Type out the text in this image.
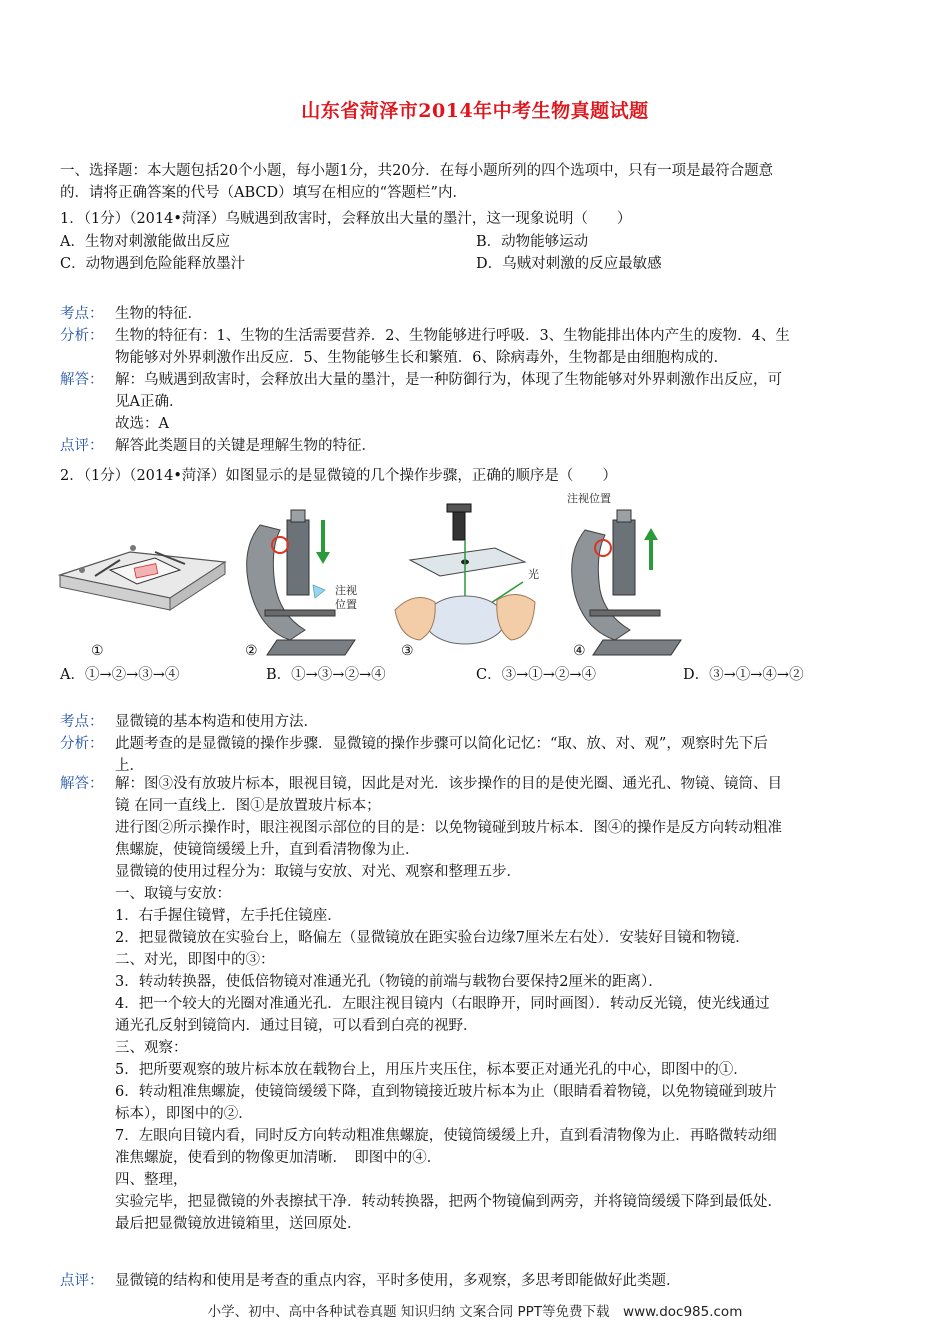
山东省菏泽市2014年中考生物真题试题
一、选择题：本大题包括20个小题，每小题1分，共20分．在每小题所列的四个选项中，只有一项是最符合题意
的．请将正确答案的代号（ABCD）填写在相应的“答题栏”内．
1．（1分）（2014•菏泽）乌贼遇到敌害时，会释放出大量的墨汁，这一现象说明（　　）
A．生物对刺激能做出反应	B．动物能够运动
C．动物遇到危险能释放墨汁	D．乌贼对刺激的反应最敏感
考点： 生物的特征．
分析： 生物的特征有：1、生物的生活需要营养．2、生物能够进行呼吸．3、生物能排出体内产生的废物．4、生
物能够对外界刺激作出反应．5、生物能够生长和繁殖．6、除病毒外，生物都是由细胞构成的．
解答： 解：乌贼遇到敌害时，会释放出大量的墨汁，是一种防御行为，体现了生物能够对外界刺激作出反应，可
见A正确．
故选：A
点评： 解答此类题目的关键是理解生物的特征．
2．（1分）（2014•菏泽）如图显示的是显微镜的几个操作步骤，正确的顺序是（　　）
注视
位置
光
注视位置
①	②	③	④
A．①→②→③→④	B．①→③→②→④	C．③→①→②→④	D．③→①→④→②
考点： 显微镜的基本构造和使用方法．
分析： 此题考查的是显微镜的操作步骤．显微镜的操作步骤可以简化记忆：“取、放、对、观”，观察时先下后
上．
解答： 解：图③没有放玻片标本，眼视目镜，因此是对光．该步操作的目的是使光圈、通光孔、物镜、镜筒、目
镜 在同一直线上．图①是放置玻片标本；
进行图②所示操作时，眼注视图示部位的目的是：以免物镜碰到玻片标本．图④的操作是反方向转动粗准
焦螺旋，使镜筒缓缓上升，直到看清物像为止．
显微镜的使用过程分为：取镜与安放、对光、观察和整理五步．
一、取镜与安放：
1．右手握住镜臂，左手托住镜座．
2．把显微镜放在实验台上，略偏左（显微镜放在距实验台边缘7厘米左右处）．安装好目镜和物镜．
二、对光，即图中的③：
3．转动转换器，使低倍物镜对准通光孔（物镜的前端与载物台要保持2厘米的距离）．
4．把一个较大的光圈对准通光孔．左眼注视目镜内（右眼睁开，同时画图）．转动反光镜，使光线通过
通光孔反射到镜筒内．通过目镜，可以看到白亮的视野．
三、观察：
5．把所要观察的玻片标本放在载物台上，用压片夹压住，标本要正对通光孔的中心，即图中的①．
6．转动粗准焦螺旋，使镜筒缓缓下降，直到物镜接近玻片标本为止（眼睛看着物镜，以免物镜碰到玻片
标本），即图中的②．
7．左眼向目镜内看，同时反方向转动粗准焦螺旋，使镜筒缓缓上升，直到看清物像为止．再略微转动细
准焦螺旋，使看到的物像更加清晰．　即图中的④．
四、整理，
实验完毕，把显微镜的外表擦拭干净．转动转换器，把两个物镜偏到两旁，并将镜筒缓缓下降到最低处．
最后把显微镜放进镜箱里，送回原处．
点评： 显微镜的结构和使用是考查的重点内容，平时多使用，多观察，多思考即能做好此类题．
小学、初中、高中各种试卷真题 知识归纳 文案合同 PPT等免费下载　www.doc985.com
